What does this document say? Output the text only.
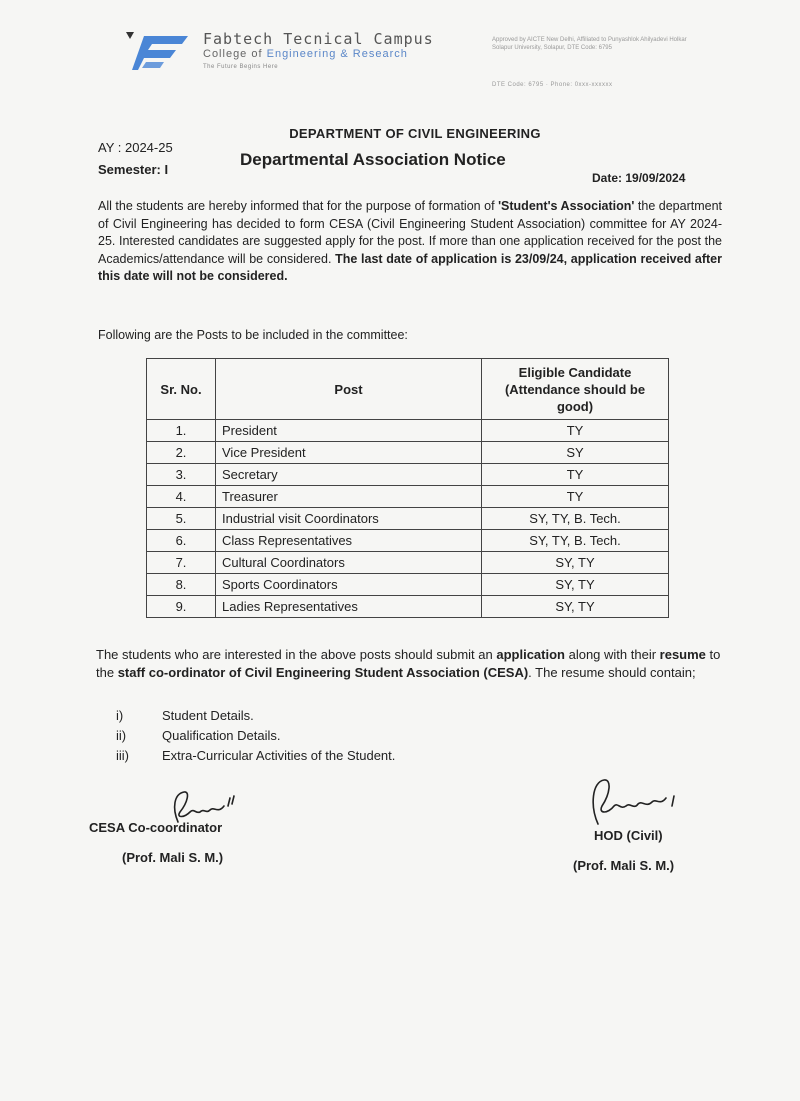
Fabtech Tecnical Campus
College of Engineering & Research
The Future Begins Here
Approved by AICTE New Delhi, Affiliated to Punyashlok Ahilyadevi Holkar Solapur University, Solapur, DTE Code: 6795
DTE Code: 6795 · Phone: 0xxx-xxxxxx
DEPARTMENT OF CIVIL ENGINEERING
AY : 2024-25
Semester: I
Departmental Association Notice
Date: 19/09/2024
All the students are hereby informed that for the purpose of formation of 'Student's Association' the department of Civil Engineering has decided to form CESA (Civil Engineering Student Association) committee for AY 2024-25. Interested candidates are suggested apply for the post. If more than one application received for the post the Academics/attendance will be considered. The last date of application is 23/09/24, application received after this date will not be considered.
Following are the Posts to be included in the committee:
Sr. No.	Post	Eligible Candidate (Attendance should be good)
1.	President	TY
2.	Vice President	SY
3.	Secretary	TY
4.	Treasurer	TY
5.	Industrial visit Coordinators	SY, TY, B. Tech.
6.	Class Representatives	SY, TY, B. Tech.
7.	Cultural Coordinators	SY, TY
8.	Sports Coordinators	SY, TY
9.	Ladies Representatives	SY, TY
The students who are interested in the above posts should submit an application along with their resume to the staff co-ordinator of Civil Engineering Student Association (CESA). The resume should contain;
i)	Student Details.
ii)	Qualification Details.
iii)	Extra-Curricular Activities of the Student.
CESA Co-coordinator
(Prof. Mali S. M.)
HOD (Civil)
(Prof. Mali S. M.)
